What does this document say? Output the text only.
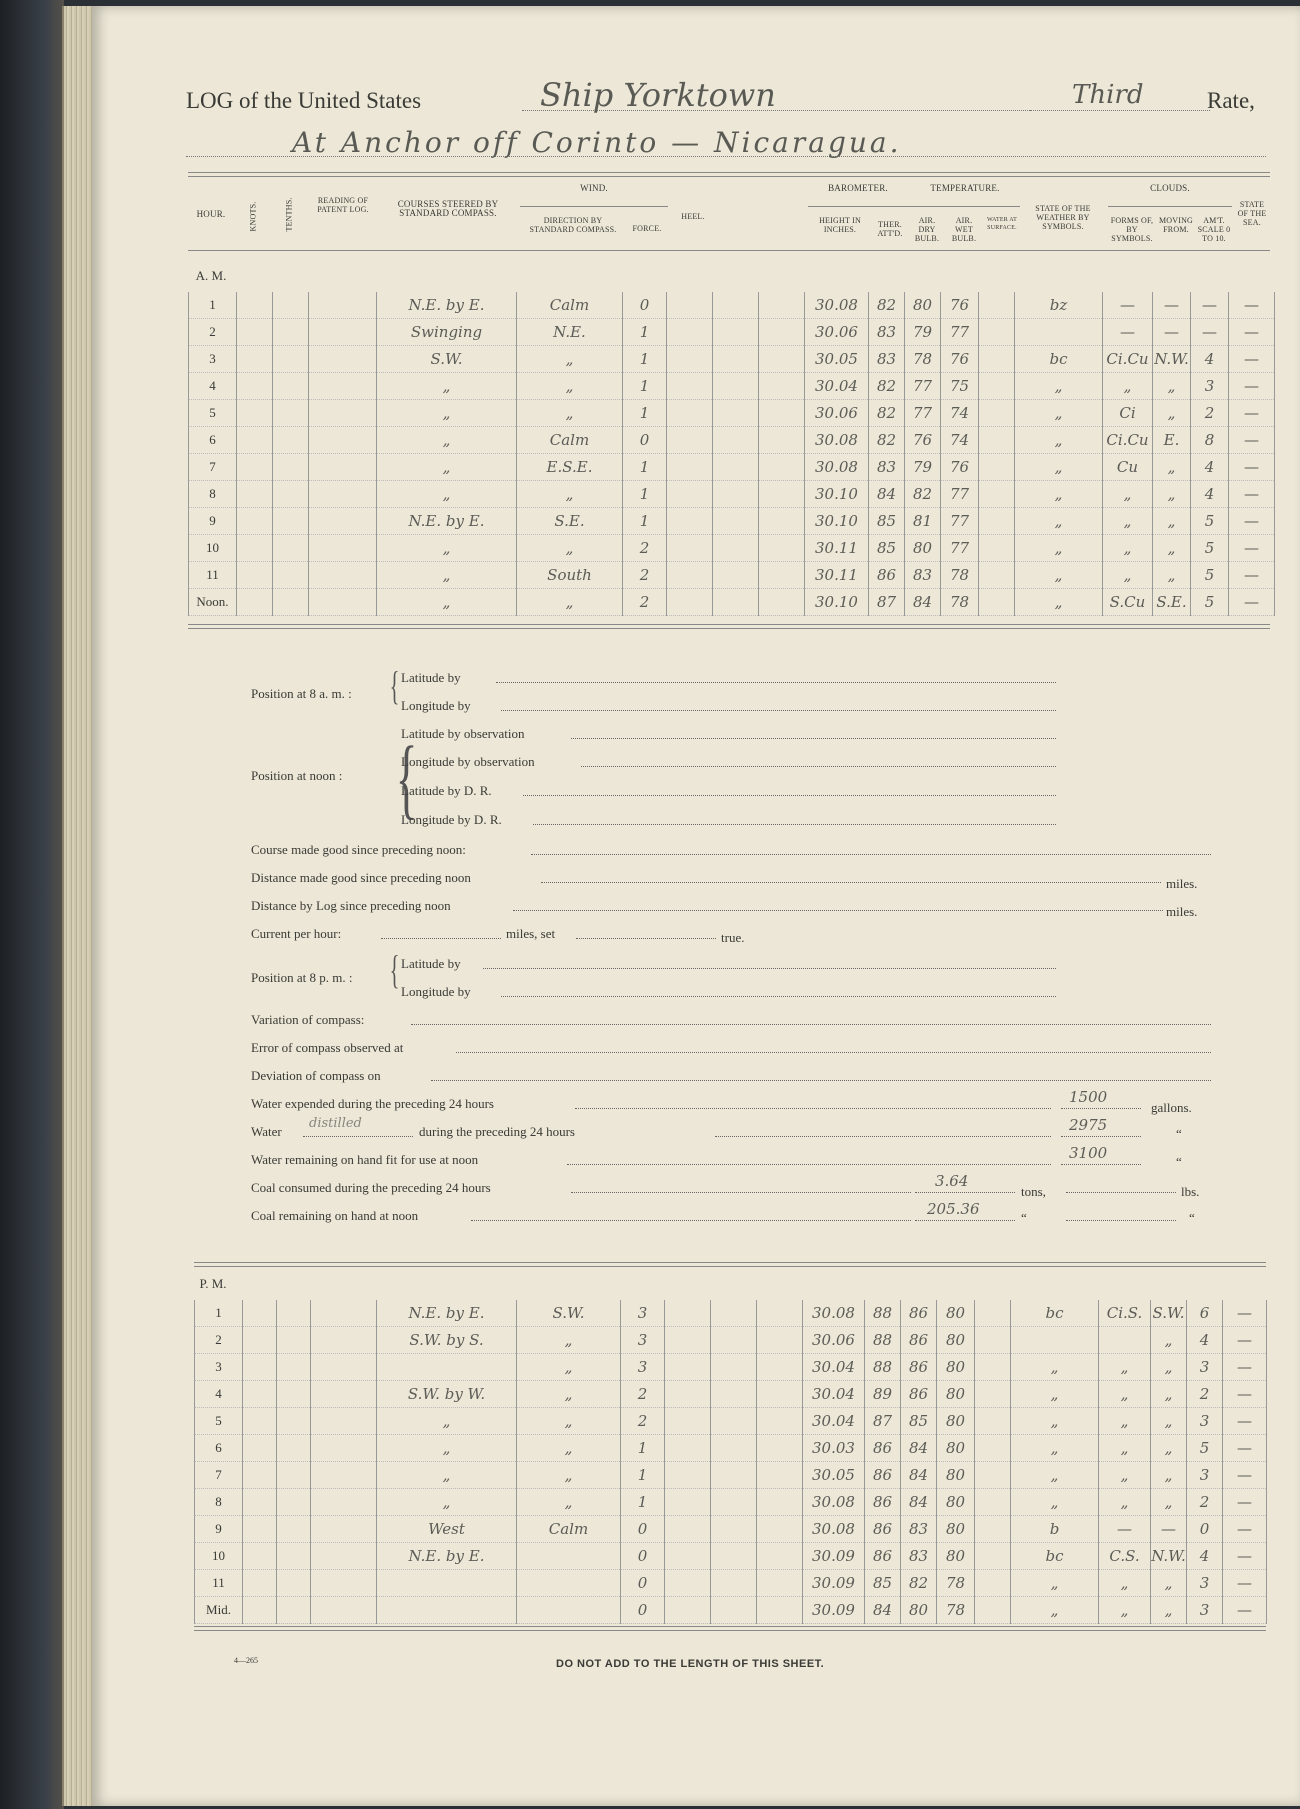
LOG of the United States	Ship Yorktown	Third	Rate,
At Anchor off Corinto — Nicaragua.
HOUR.	KNOTS.	TENTHS.	READING OF PATENT LOG.
COURSES STEERED BY STANDARD COMPASS.
WIND.
DIRECTION BY STANDARD COMPASS.	FORCE.
HEEL.
BAROMETER.
HEIGHT IN INCHES.
THER. ATT'D.
TEMPERATURE.
AIR. DRY BULB.
AIR. WET BULB.
WATER AT SURFACE.
STATE OF THE WEATHER BY SYMBOLS.
CLOUDS.
FORMS OF, BY SYMBOLS.
MOVING FROM.
AM'T. SCALE 0 TO 10.
STATE OF THE SEA.
A. M.
1				N.E. by E.	Calm	0				30.08	82	80	76		bz	—	—	—	—
2				Swinging	N.E.	1				30.06	83	79	77			—	—	—	—
3				S.W.	„	1				30.05	83	78	76		bc	Ci.Cu	N.W.	4	—
4				„	„	1				30.04	82	77	75		„	„	„	3	—
5				„	„	1				30.06	82	77	74		„	Ci	„	2	—
6				„	Calm	0				30.08	82	76	74		„	Ci.Cu	E.	8	—
7				„	E.S.E.	1				30.08	83	79	76		„	Cu	„	4	—
8				„	„	1				30.10	84	82	77		„	„	„	4	—
9				N.E. by E.	S.E.	1				30.10	85	81	77		„	„	„	5	—
10				„	„	2				30.11	85	80	77		„	„	„	5	—
11				„	South	2				30.11	86	83	78		„	„	„	5	—
Noon.				„	„	2				30.10	87	84	78		„	S.Cu	S.E.	5	—
Position at 8 a. m. : { Latitude by
Longitude by
Position at noon : {
Latitude by observation
Longitude by observation
Latitude by D. R.
Longitude by D. R.
Course made good since preceding noon:
Distance made good since preceding noon	miles.
Distance by Log since preceding noon	miles.
Current per hour:	miles, set	true.
Position at 8 p. m. : { Latitude by
Longitude by
Variation of compass:
Error of compass observed at
Deviation of compass on
Water expended during the preceding 24 hours	1500
gallons.
Water
distilled
during the preceding 24 hours	2975	“
Water remaining on hand fit for use at noon	3100	“
Coal consumed during the preceding 24 hours	3.64
tons,	lbs.
Coal remaining on hand at noon	205.36	“	“
P. M.
1				N.E. by E.	S.W.	3				30.08	88	86	80		bc	Ci.S.	S.W.	6	—
2				S.W. by S.	„	3				30.06	88	86	80				„	4	—
3					„	3				30.04	88	86	80		„	„	„	3	—
4				S.W. by W.	„	2				30.04	89	86	80		„	„	„	2	—
5				„	„	2				30.04	87	85	80		„	„	„	3	—
6				„	„	1				30.03	86	84	80		„	„	„	5	—
7				„	„	1				30.05	86	84	80		„	„	„	3	—
8				„	„	1				30.08	86	84	80		„	„	„	2	—
9				West	Calm	0				30.08	86	83	80		b	—	—	0	—
10				N.E. by E.		0				30.09	86	83	80		bc	C.S.	N.W.	4	—
11						0				30.09	85	82	78		„	„	„	3	—
Mid.						0				30.09	84	80	78		„	„	„	3	—
4—265	DO NOT ADD TO THE LENGTH OF THIS SHEET.
